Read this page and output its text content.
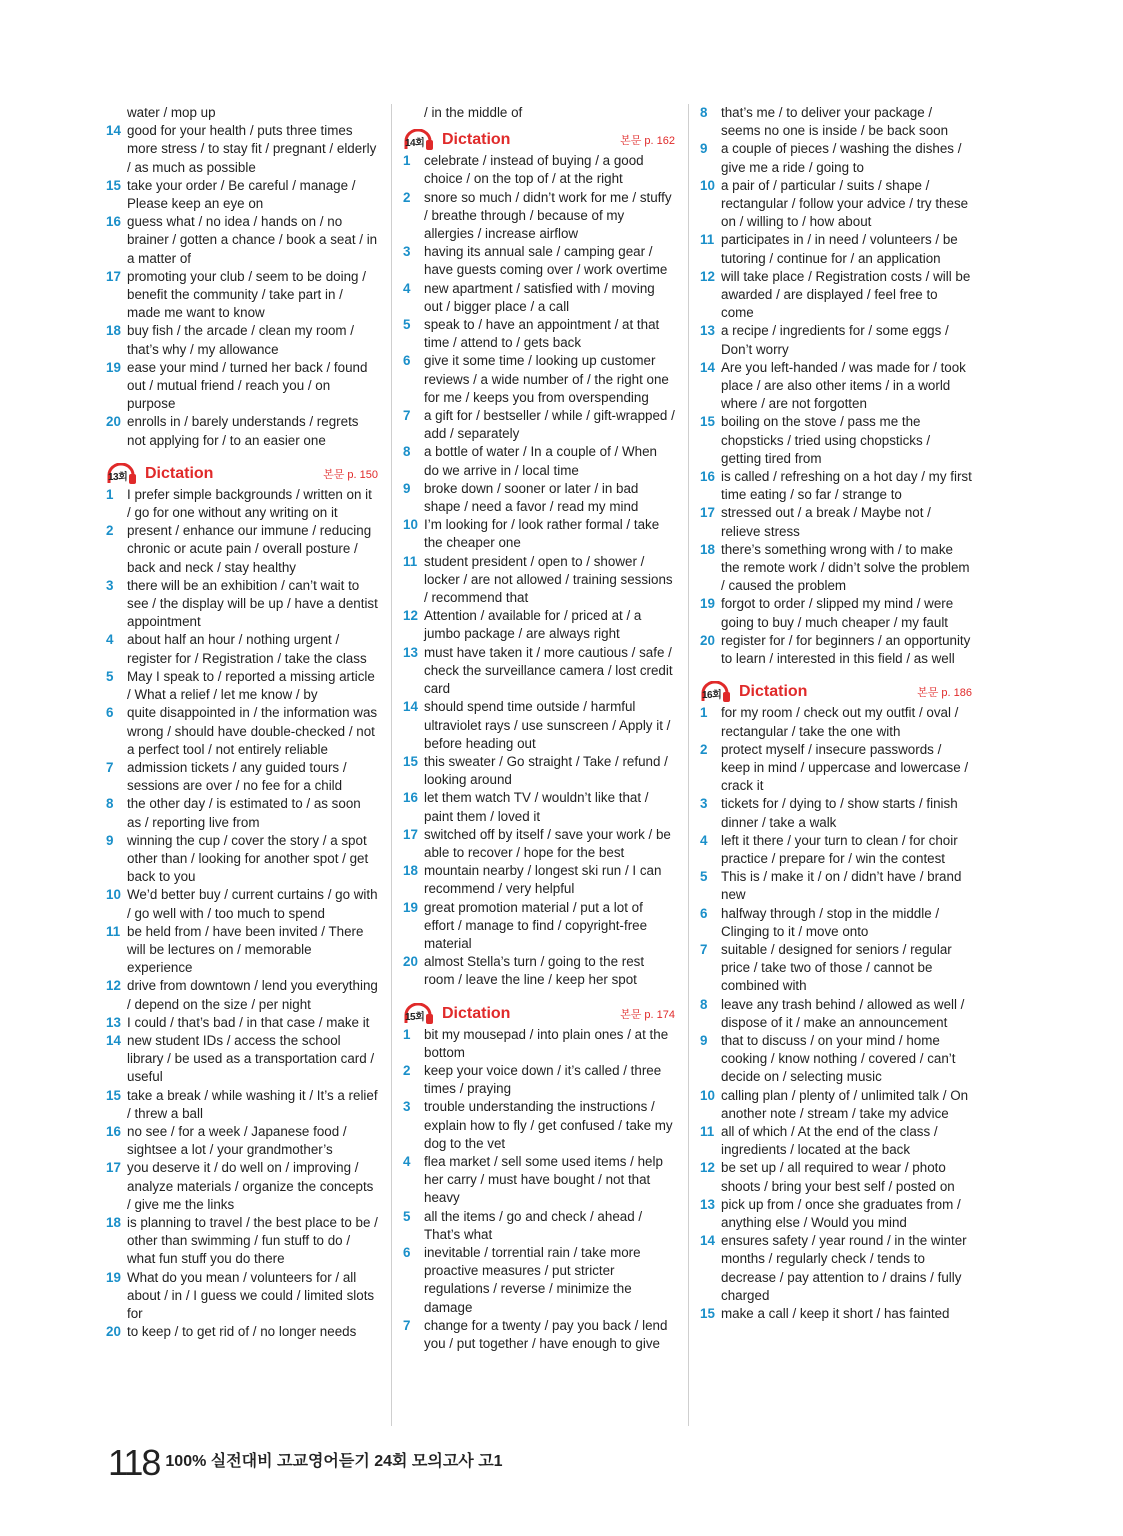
water / mop up
14 good for your health / puts three times more stress / to stay fit / pregnant / elderly / as much as possible
15 take your order / Be careful / manage / Please keep an eye on
16 guess what / no idea / hands on / no brainer / gotten a chance / book a seat / in a matter of
17 promoting your club / seem to be doing / benefit the community / take part in / made me want to know
18 buy fish / the arcade / clean my room / that’s why / my allowance
19 ease your mind / turned her back / found out / mutual friend / reach you / on purpose
20 enrolls in / barely understands / regrets not applying for / to an easier one
13회 Dictation	본문 p. 150
1	I prefer simple backgrounds / written on it / go for one without any writing on it
2	present / enhance our immune / reducing chronic or acute pain / overall posture / back and neck / stay healthy
3	there will be an exhibition / can’t wait to see / the display will be up / have a dentist appointment
4	about half an hour / nothing urgent / register for / Registration / take the class
5	May I speak to / reported a missing article / What a relief / let me know / by
6	quite disappointed in / the information was wrong / should have double-checked / not a perfect tool / not entirely reliable
7	admission tickets / any guided tours / sessions are over / no fee for a child
8	the other day / is estimated to / as soon as / reporting live from
9	winning the cup / cover the story / a spot other than / looking for another spot / get back to you
10 We’d better buy / current curtains / go with / go well with / too much to spend
11 be held from / have been invited / There will be lectures on / memorable experience
12 drive from downtown / lend you everything / depend on the size / per night
13 I could / that’s bad / in that case / make it
14 new student IDs / access the school library / be used as a transportation card / useful
15 take a break / while washing it / It’s a relief / threw a ball
16 no see / for a week / Japanese food / sightsee a lot / your grandmother’s
17 you deserve it / do well on / improving / analyze materials / organize the concepts / give me the links
18 is planning to travel / the best place to be / other than swimming / fun stuff to do / what fun stuff you do there
19 What do you mean / volunteers for / all about / in / I guess we could / limited slots for
20 to keep / to get rid of / no longer needs
/ in the middle of
14회 Dictation	본문 p. 162
1	celebrate / instead of buying / a good choice / on the top of / at the right
2	snore so much / didn’t work for me / stuffy / breathe through / because of my allergies / increase airflow
3	having its annual sale / camping gear / have guests coming over / work overtime
4	new apartment / satisfied with / moving out / bigger place / a call
5	speak to / have an appointment / at that time / attend to / gets back
6	give it some time / looking up customer reviews / a wide number of / the right one for me / keeps you from overspending
7	a gift for / bestseller / while / gift-wrapped / add / separately
8	a bottle of water / In a couple of / When do we arrive in / local time
9	broke down / sooner or later / in bad shape / need a favor / read my mind
10 I’m looking for / look rather formal / take the cheaper one
11 student president / open to / shower / locker / are not allowed / training sessions / recommend that
12 Attention / available for / priced at / a jumbo package / are always right
13 must have taken it / more cautious / safe / check the surveillance camera / lost credit card
14 should spend time outside / harmful ultraviolet rays / use sunscreen / Apply it / before heading out
15 this sweater / Go straight / Take / refund / looking around
16 let them watch TV / wouldn’t like that / paint them / loved it
17 switched off by itself / save your work / be able to recover / hope for the best
18 mountain nearby / longest ski run / I can recommend / very helpful
19 great promotion material / put a lot of effort / manage to find / copyright-free material
20 almost Stella’s turn / going to the rest room / leave the line / keep her spot
15회 Dictation	본문 p. 174
1	bit my mousepad / into plain ones / at the bottom
2	keep your voice down / it’s called / three times / praying
3	trouble understanding the instructions / explain how to fly / get confused / take my dog to the vet
4	flea market / sell some used items / help her carry / must have bought / not that heavy
5	all the items / go and check / ahead / That’s what
6	inevitable / torrential rain / take more proactive measures / put stricter regulations / reverse / minimize the damage
7	change for a twenty / pay you back / lend you / put together / have enough to give
8	that’s me / to deliver your package / seems no one is inside / be back soon
9	a couple of pieces / washing the dishes / give me a ride / going to
10 a pair of / particular / suits / shape / rectangular / follow your advice / try these on / willing to / how about
11 participates in / in need / volunteers / be tutoring / continue for / an application
12 will take place / Registration costs / will be awarded / are displayed / feel free to come
13 a recipe / ingredients for / some eggs / Don’t worry
14 Are you left-handed / was made for / took place / are also other items / in a world where / are not forgotten
15 boiling on the stove / pass me the chopsticks / tried using chopsticks / getting tired from
16 is called / refreshing on a hot day / my first time eating / so far / strange to
17 stressed out / a break / Maybe not / relieve stress
18 there’s something wrong with / to make the remote work / didn’t solve the problem / caused the problem
19 forgot to order / slipped my mind / were going to buy / much cheaper / my fault
20 register for / for beginners / an opportunity to learn / interested in this field / as well
16회 Dictation	본문 p. 186
1	for my room / check out my outfit / oval / rectangular / take the one with
2	protect myself / insecure passwords / keep in mind / uppercase and lowercase / crack it
3	tickets for / dying to / show starts / finish dinner / take a walk
4	left it there / your turn to clean / for choir practice / prepare for / win the contest
5	This is / make it / on / didn’t have / brand new
6	halfway through / stop in the middle / Clinging to it / move onto
7	suitable / designed for seniors / regular price / take two of those / cannot be combined with
8	leave any trash behind / allowed as well / dispose of it / make an announcement
9	that to discuss / on your mind / home cooking / know nothing / covered / can’t decide on / selecting music
10 calling plan / plenty of / unlimited talk / On another note / stream / take my advice
11 all of which / At the end of the class / ingredients / located at the back
12 be set up / all required to wear / photo shoots / bring your best self / posted on
13 pick up from / once she graduates from / anything else / Would you mind
14 ensures safety / year round / in the winter months / regularly check / tends to decrease / pay attention to / drains / fully charged
15 make a call / keep it short / has fainted
118 100% 실전대비 고교영어듣기 24회 모의고사 고1
